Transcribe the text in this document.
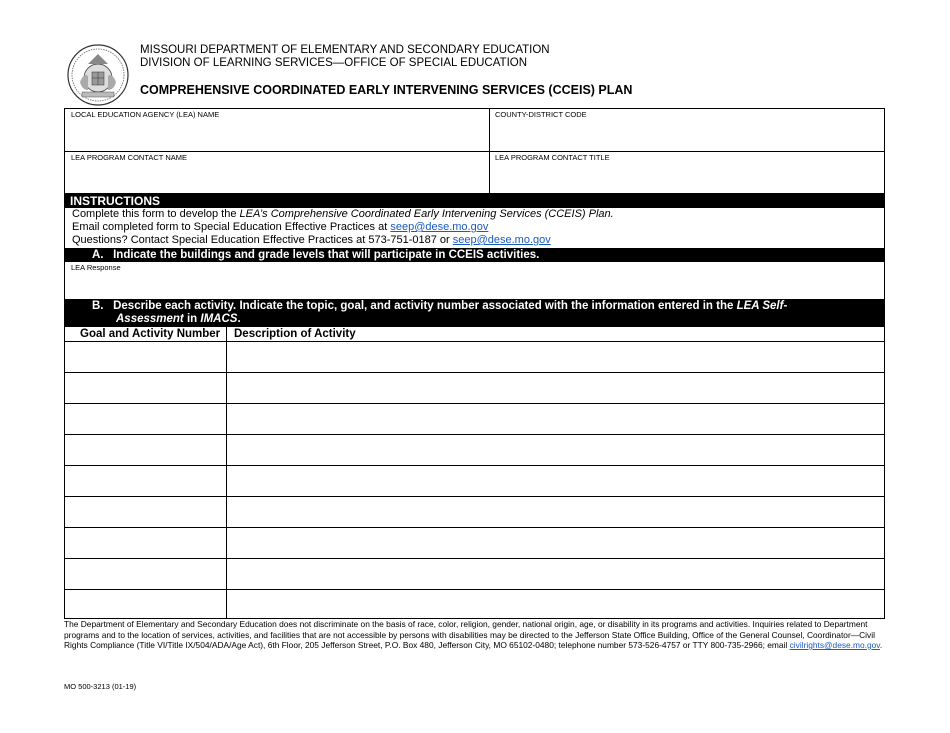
MISSOURI DEPARTMENT OF ELEMENTARY AND SECONDARY EDUCATION
DIVISION OF LEARNING SERVICES—OFFICE OF SPECIAL EDUCATION
COMPREHENSIVE COORDINATED EARLY INTERVENING SERVICES (CCEIS) PLAN
LOCAL EDUCATION AGENCY (LEA) NAME	COUNTY-DISTRICT CODE
LEA PROGRAM CONTACT NAME	LEA PROGRAM CONTACT TITLE
INSTRUCTIONS
Complete this form to develop the LEA’s Comprehensive Coordinated Early Intervening Services (CCEIS) Plan.
Email completed form to Special Education Effective Practices at seep@dese.mo.gov
Questions? Contact Special Education Effective Practices at 573-751-0187 or seep@dese.mo.gov
A. Indicate the buildings and grade levels that will participate in CCEIS activities.
LEA Response
B. Describe each activity. Indicate the topic, goal, and activity number associated with the information entered in the LEA Self-
Assessment in IMACS.
Goal and Activity Number Description of Activity
The Department of Elementary and Secondary Education does not discriminate on the basis of race, color, religion, gender, national origin, age, or disability in its programs and activities. Inquiries related to Department programs and to the location of services, activities, and facilities that are not accessible by persons with disabilities may be directed to the Jefferson State Office Building, Office of the General Counsel, Coordinator—Civil Rights Compliance (Title VI/Title IX/504/ADA/Age Act), 6th Floor, 205 Jefferson Street, P.O. Box 480, Jefferson City, MO 65102-0480; telephone number 573-526-4757 or TTY 800-735-2966; email civilrights@dese.mo.gov.
MO 500-3213 (01-19)
